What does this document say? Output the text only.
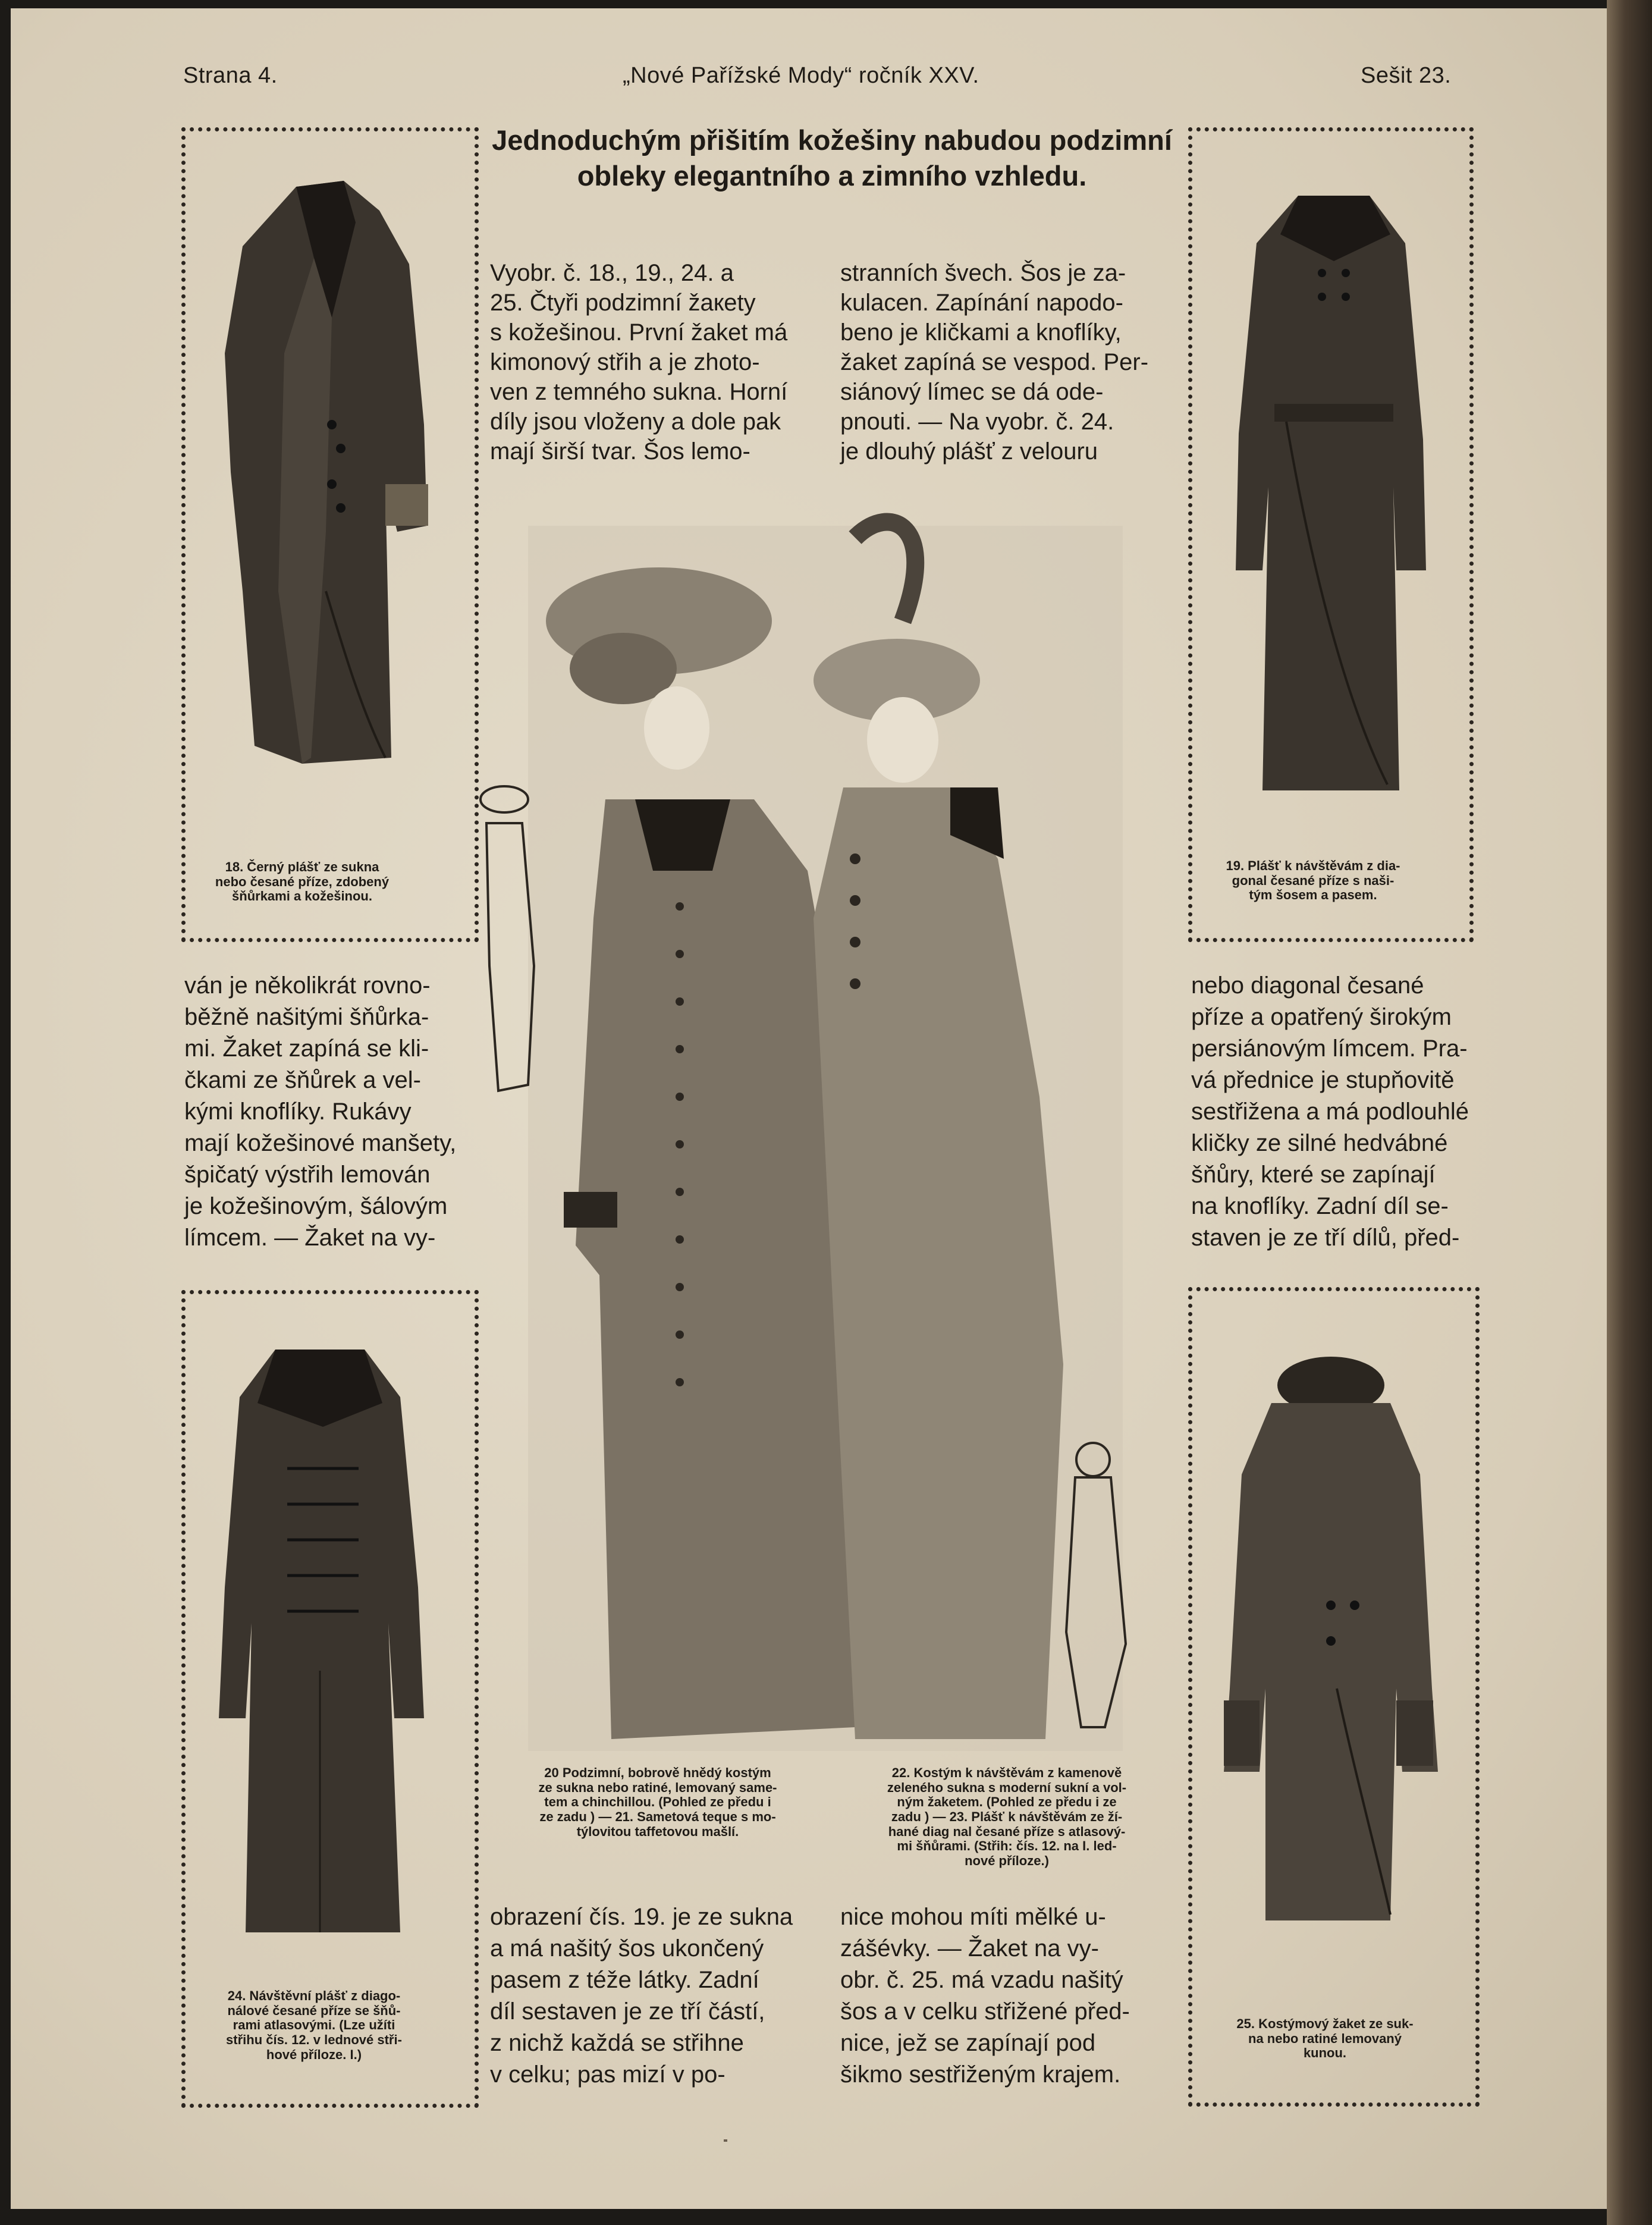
Strana 4.	„Nové Pařížské Mody“ ročník XXV.	Sešit 23.
Jednoduchým přišitím kožešiny nabudou podzimní
obleky elegantního a zimního vzhledu.
18. Černý plášť ze sukna
nebo česané příze, zdobený
šňůrkami a kožešinou.
19. Plášť k návštěvám z dia-
gonal česané příze s naši-
tým šosem a pasem.

Vyobr. č. 18., 19., 24. a

25. Čtyři podzimní žaкety

s kožešinou. První žaket má

kimonový střih a je zhoto-

ven z temného sukna. Horní

díly jsou vloženy a dole pak

mají širší tvar. Šos lemo-

stranních švech. Šos je za-

kulacen. Zapínání napodo-

beno je kličkami a knoflíky,

žaket zapíná se vespod. Per-

siánový límec se dá ode-

pnouti. — Na vyobr. č. 24.

je dlouhý plášť z velouru

20 Podzimní, bobrově hnědý kostým
ze sukna nebo ratiné, lemovaný same-
tem a chinchillou. (Pohled ze předu i
ze zadu ) — 21. Sametová teque s mo-
týlovitou taffetovou mašlí.
22. Kostým k návštěvám z kamenově
zeleného sukna s moderní sukní a vol-
ným žaketem. (Pohled ze předu i ze
zadu ) — 23. Plášť k návštěvám ze ží-
hané diag nal česané příze s atlasový-
mi šňůrami. (Střih: čís. 12. na I. led-
nové příloze.)

ván je několikrát rovno-

běžně našitými šňůrka-

mi. Žaket zapíná se kli-

čkami ze šňůrek a vel-

kými knoflíky. Rukávy

mají kožešinové manšety,

špičatý výstřih lemován

je kožešinovým, šálovým

límcem. — Žaket na vy-

nebo diagonal česané

příze a opatřený širokým

persiánovým límcem. Pra-

vá přednice je stupňovitě

sestřižena a má podlouhlé

kličky ze silné hedvábné

šňůry, které se zapínají

na knoflíky. Zadní díl se-

staven je ze tří dílů, před-

24. Návštěvní plášť z diago-
nálové česané příze se šňů-
rami atlasovými. (Lze užíti
střihu čís. 12. v lednové stři-
hové příloze. I.)
25. Kostýmový žaket ze suk-
na nebo ratiné lemovaný
kunou.

obrazení čís. 19. je ze sukna

a má našitý šos ukončený

pasem z téže látky. Zadní

díl sestaven je ze tří částí,

z nichž každá se střihne

v celku; pas mizí v po-

nice mohou míti mělké u-

zášévky. — Žaket na vy-

obr. č. 25. má vzadu našitý

šos a v celku střižené před-

nice, jež se zapínají pod

šikmo sestřiženým krajem.
